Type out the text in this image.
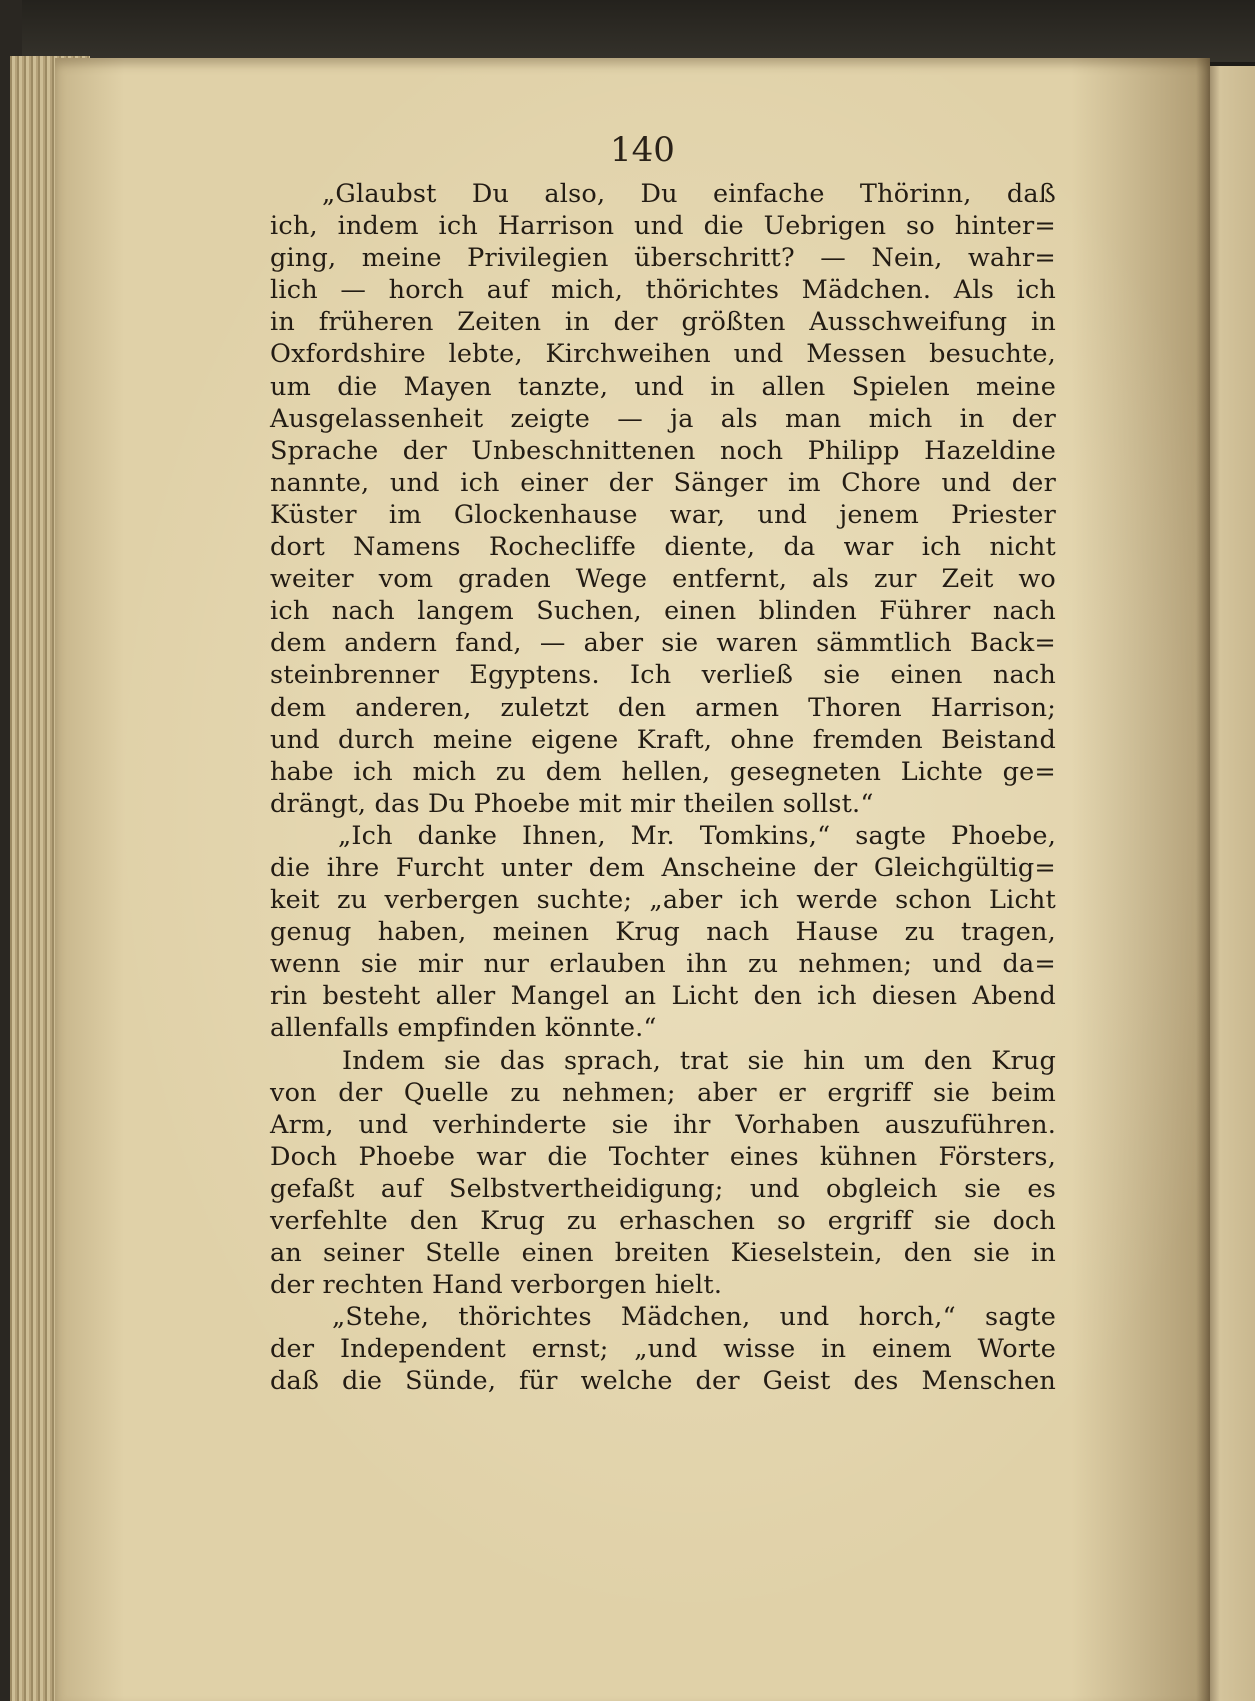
140
„Glaubst Du also, Du einfache Thörinn, daß
ich, indem ich Harrison und die Uebrigen so hinter=
ging, meine Privilegien überschritt? — Nein, wahr=
lich — horch auf mich, thörichtes Mädchen. Als ich
in früheren Zeiten in der größten Ausschweifung in
Oxfordshire lebte, Kirchweihen und Messen besuchte,
um die Mayen tanzte, und in allen Spielen meine
Ausgelassenheit zeigte — ja als man mich in der
Sprache der Unbeschnittenen noch Philipp Hazeldine
nannte, und ich einer der Sänger im Chore und der
Küster im Glockenhause war, und jenem Priester
dort Namens Rochecliffe diente, da war ich nicht
weiter vom graden Wege entfernt, als zur Zeit wo
ich nach langem Suchen, einen blinden Führer nach
dem andern fand, — aber sie waren sämmtlich Back=
steinbrenner Egyptens. Ich verließ sie einen nach
dem anderen, zuletzt den armen Thoren Harrison;
und durch meine eigene Kraft, ohne fremden Beistand
habe ich mich zu dem hellen, gesegneten Lichte ge=
drängt, das Du Phoebe mit mir theilen sollst.“
„Ich danke Ihnen, Mr. Tomkins,“ sagte Phoebe,
die ihre Furcht unter dem Anscheine der Gleichgültig=
keit zu verbergen suchte; „aber ich werde schon Licht
genug haben, meinen Krug nach Hause zu tragen,
wenn sie mir nur erlauben ihn zu nehmen; und da=
rin besteht aller Mangel an Licht den ich diesen Abend
allenfalls empfinden könnte.“
Indem sie das sprach, trat sie hin um den Krug
von der Quelle zu nehmen; aber er ergriff sie beim
Arm, und verhinderte sie ihr Vorhaben auszuführen.
Doch Phoebe war die Tochter eines kühnen Försters,
gefaßt auf Selbstvertheidigung; und obgleich sie es
verfehlte den Krug zu erhaschen so ergriff sie doch
an seiner Stelle einen breiten Kieselstein, den sie in
der rechten Hand verborgen hielt.
„Stehe, thörichtes Mädchen, und horch,“ sagte
der Independent ernst; „und wisse in einem Worte
daß die Sünde, für welche der Geist des Menschen
